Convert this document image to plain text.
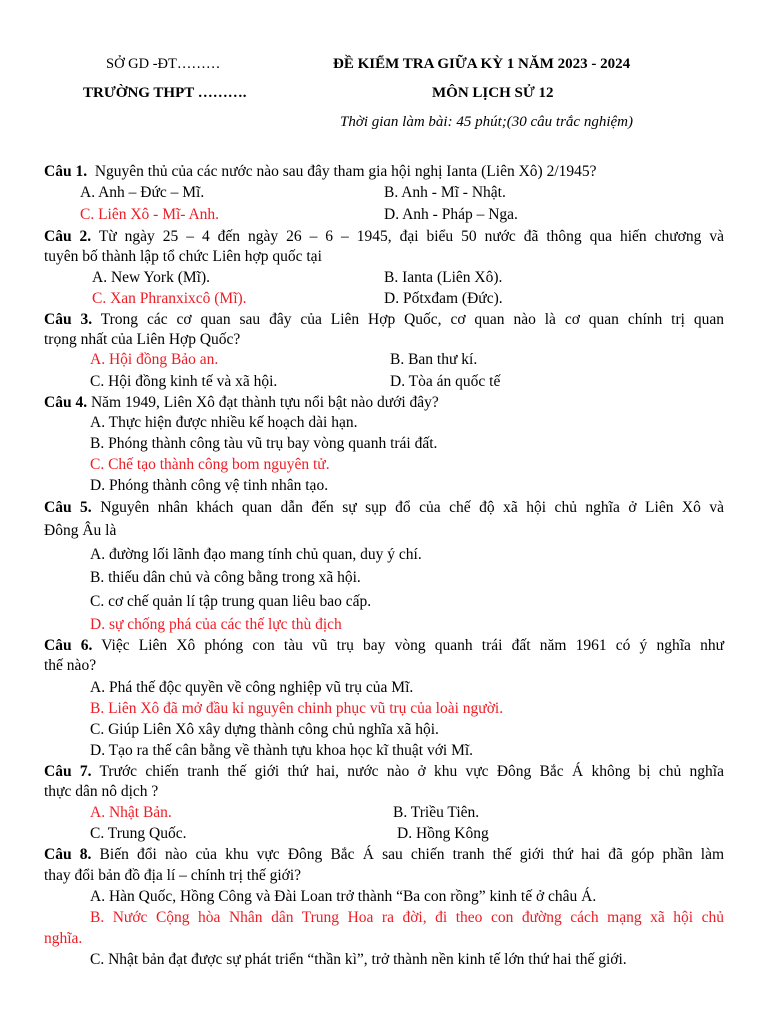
SỞ GD -ĐT………
TRƯỜNG THPT ……….
ĐỀ KIỂM TRA GIỮA KỲ 1 NĂM 2023 - 2024
MÔN LỊCH SỬ 12
Thời gian làm bài: 45 phút;(30 câu trắc nghiệm)
Câu 1. Nguyên thủ của các nước nào sau đây tham gia hội nghị Ianta (Liên Xô) 2/1945?
A. Anh – Đức – Mĩ.	B. Anh - Mĩ - Nhật.
C. Liên Xô - Mĩ- Anh.	D. Anh - Pháp – Nga.
Câu 2. Từ ngày 25 – 4 đến ngày 26 – 6 – 1945, đại biểu 50 nước đã thông qua hiến chương và
tuyên bố thành lập tổ chức Liên hợp quốc tại
A. New York (Mĩ).	B. Ianta (Liên Xô).
C. Xan Phranxixcô (Mĩ).	D. Pốtxđam (Đức).
Câu 3. Trong các cơ quan sau đây của Liên Hợp Quốc, cơ quan nào là cơ quan chính trị quan
trọng nhất của Liên Hợp Quốc?
A. Hội đồng Bảo an.	B. Ban thư kí.
C. Hội đồng kinh tế và xã hội.	D. Tòa án quốc tế
Câu 4. Năm 1949, Liên Xô đạt thành tựu nổi bật nào dưới đây?
A. Thực hiện được nhiều kế hoạch dài hạn.
B. Phóng thành công tàu vũ trụ bay vòng quanh trái đất.
C. Chế tạo thành công bom nguyên tử.
D. Phóng thành công vệ tinh nhân tạo.
Câu 5. Nguyên nhân khách quan dẫn đến sự sụp đổ của chế độ xã hội chủ nghĩa ở Liên Xô và
Đông Âu là
A. đường lối lãnh đạo mang tính chủ quan, duy ý chí.
B. thiếu dân chủ và công bằng trong xã hội.
C. cơ chế quản lí tập trung quan liêu bao cấp.
D. sự chống phá của các thế lực thù địch
Câu 6. Việc Liên Xô phóng con tàu vũ trụ bay vòng quanh trái đất năm 1961 có ý nghĩa như
thế nào?
A. Phá thế độc quyền về công nghiệp vũ trụ của Mĩ.
B. Liên Xô đã mở đầu kỉ nguyên chinh phục vũ trụ của loài người.
C. Giúp Liên Xô xây dựng thành công chủ nghĩa xã hội.
D. Tạo ra thế cân bằng về thành tựu khoa học kĩ thuật với Mĩ.
Câu 7. Trước chiến tranh thế giới thứ hai, nước nào ở khu vực Đông Bắc Á không bị chủ nghĩa
thực dân nô dịch ?
A. Nhật Bản.	B. Triều Tiên.
C. Trung Quốc.	D. Hồng Kông
Câu 8. Biến đổi nào của khu vực Đông Bắc Á sau chiến tranh thế giới thứ hai đã góp phần làm
thay đổi bản đồ địa lí – chính trị thế giới?
A. Hàn Quốc, Hồng Công và Đài Loan trở thành “Ba con rồng” kinh tế ở châu Á.
B. Nước Cộng hòa Nhân dân Trung Hoa ra đời, đi theo con đường cách mạng xã hội chủ
nghĩa.
C. Nhật bản đạt được sự phát triển “thần kì”, trở thành nền kinh tế lớn thứ hai thế giới.
